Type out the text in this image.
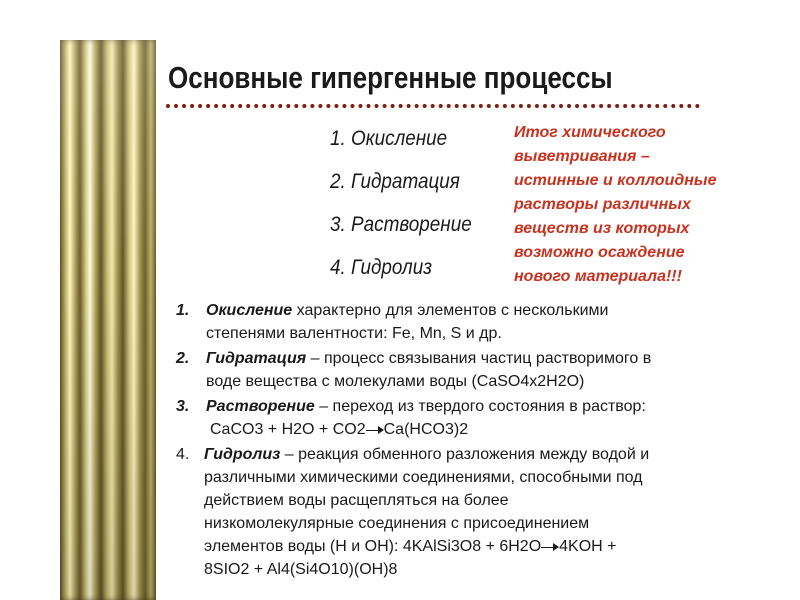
Основные гипергенные процессы
1. Окисление
2. Гидратация
3. Растворение
4. Гидролиз
Итог химического
выветривания –
истинные и коллоидные
растворы различных
веществ из которых
возможно осаждение
нового материала!!!
1. Окисление характерно для элементов с несколькими
степенями валентности: Fe, Mn, S и др.
2. Гидратация – процесс связывания частиц растворимого в
воде вещества с молекулами воды (CaSO4x2H2O)
3. Растворение – переход из твердого состояния в раствор:
CaCO3 + H2O + CO2 Ca(HCO3)2
4. Гидролиз – реакция обменного разложения между водой и
различными химическими соединениями, способными под
действием воды расщепляться на более
низкомолекулярные соединения с присоединением
элементов воды (H и OH): 4KAlSi3O8 + 6H2O 4KOH +
8SIO2 + Al4(Si4O10)(OH)8
